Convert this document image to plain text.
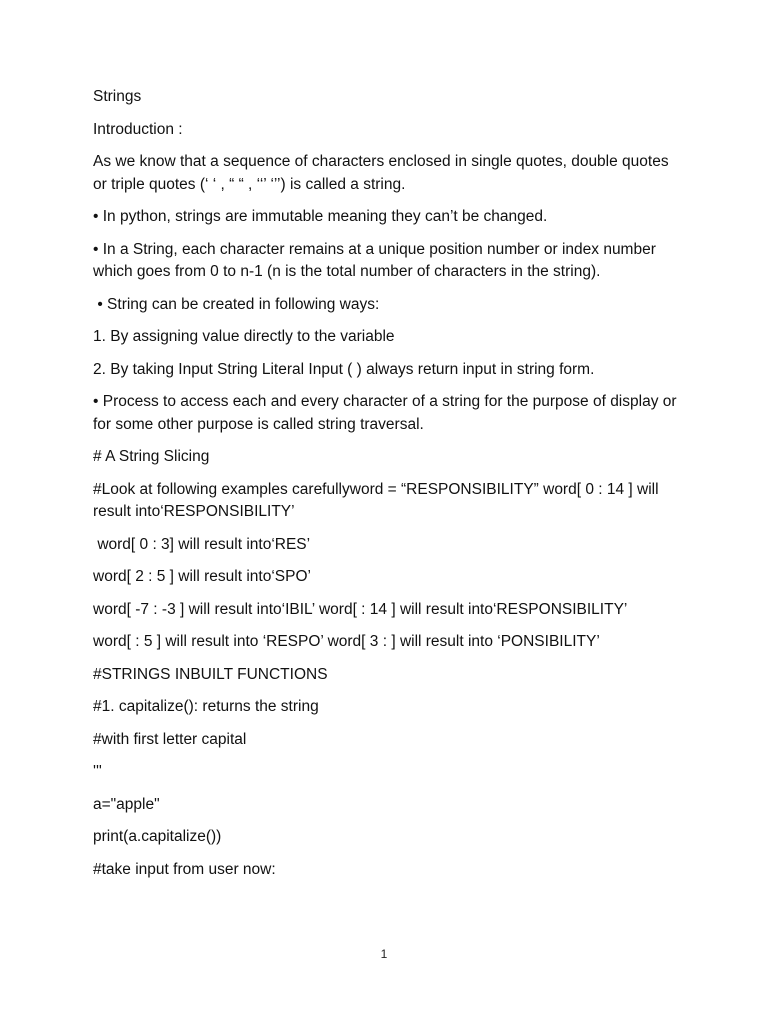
Strings

Introduction :

As we know that a sequence of characters enclosed in single quotes, double quotes or triple quotes (‘ ‘ , “ “ , ‘‘’ ‘’’) is called a string.

• In python, strings are immutable meaning they can’t be changed.

• In a String, each character remains at a unique position number or index number which goes from 0 to n-1 (n is the total number of characters in the string).

• String can be created in following ways:

1. By assigning value directly to the variable

2. By taking Input String Literal Input ( ) always return input in string form.

• Process to access each and every character of a string for the purpose of display or for some other purpose is called string traversal.

# A String Slicing

#Look at following examples carefullyword = “RESPONSIBILITY” word[ 0 : 14 ] will result into‘RESPONSIBILITY’

word[ 0 : 3] will result into‘RES’

word[ 2 : 5 ] will result into‘SPO’

word[ -7 : -3 ] will result into‘IBIL’ word[ : 14 ] will result into‘RESPONSIBILITY’

word[ : 5 ] will result into ‘RESPO’ word[ 3 : ] will result into ‘PONSIBILITY’

#STRINGS INBUILT FUNCTIONS

#1. capitalize(): returns the string

#with first letter capital

'''

a="apple"

print(a.capitalize())

#take input from user now:

1
